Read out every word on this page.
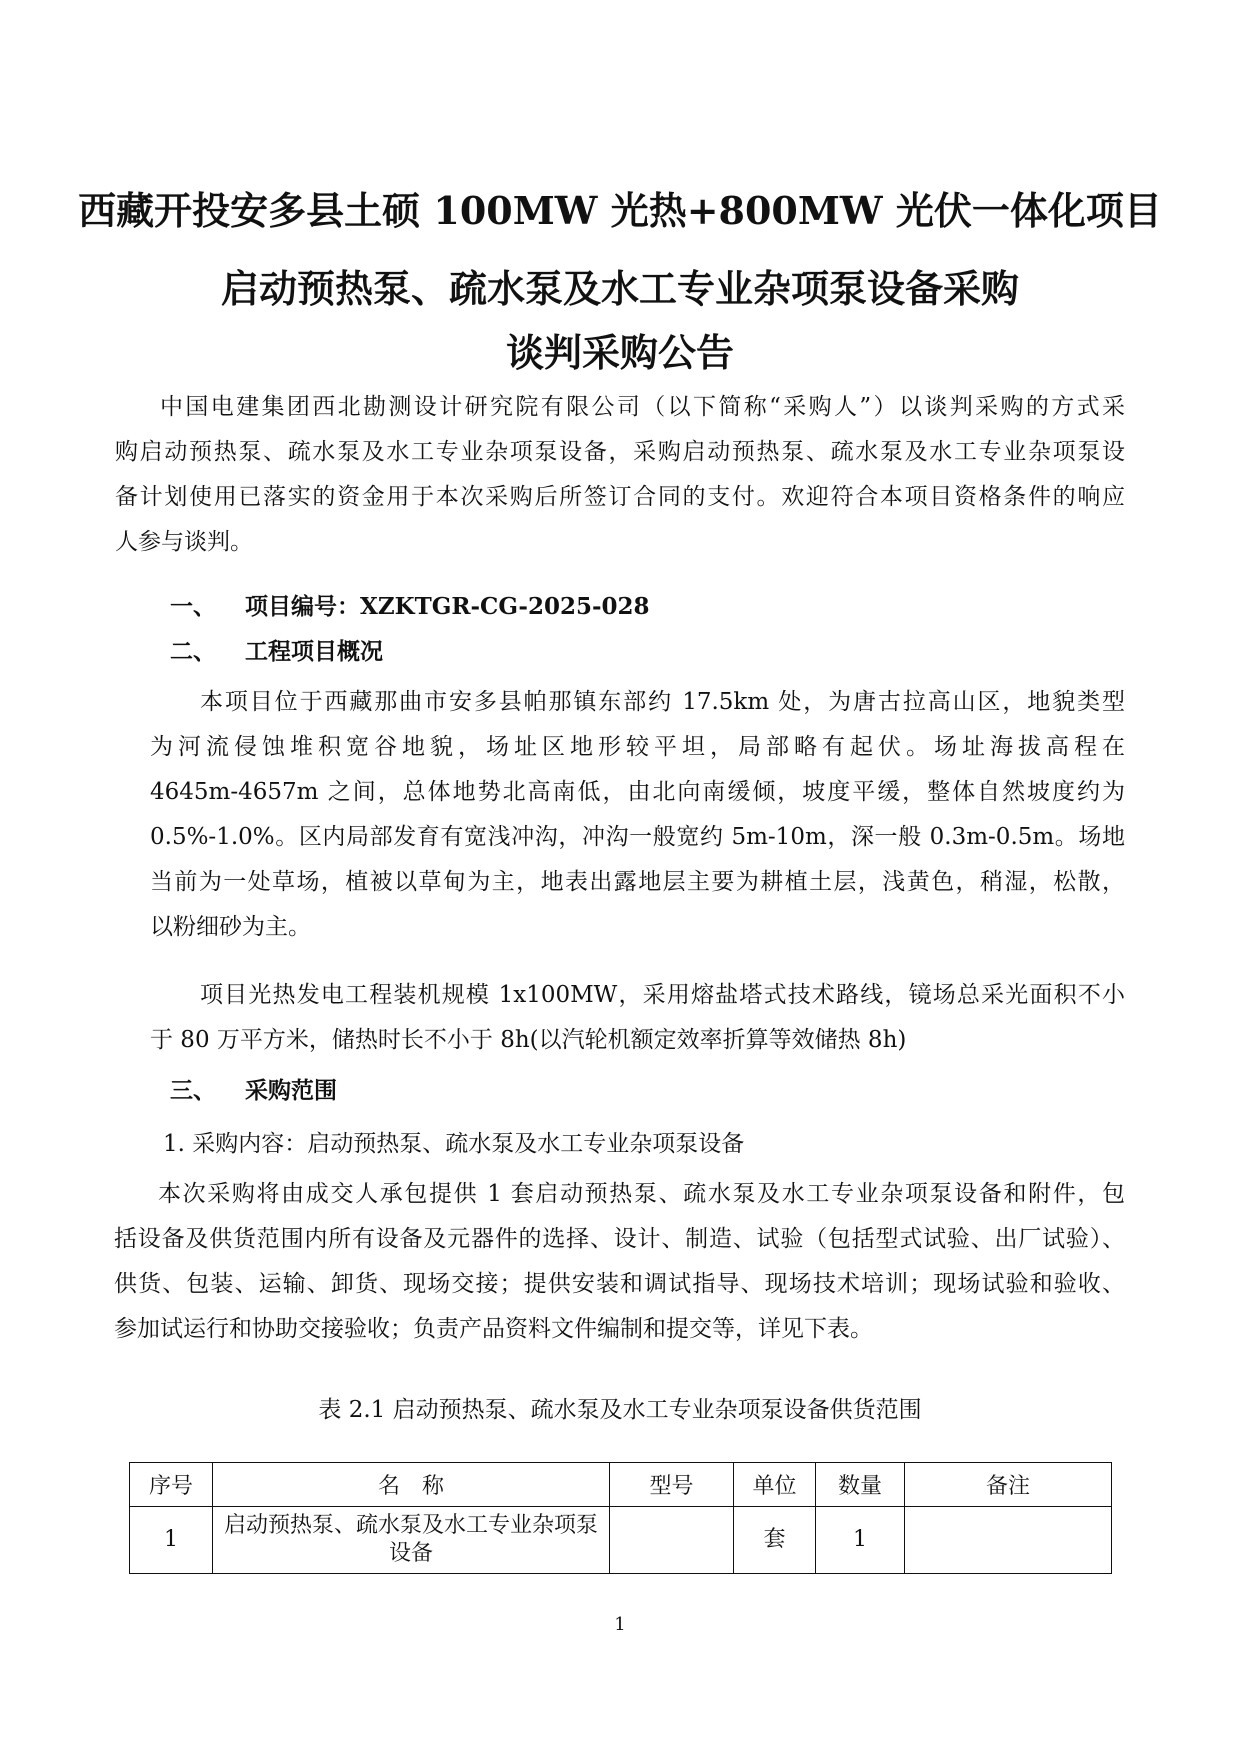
西藏开投安多县土硕 100MW 光热+800MW 光伏一体化项目
启动预热泵、疏水泵及水工专业杂项泵设备采购
谈判采购公告
中国电建集团西北勘测设计研究院有限公司（以下简称“采购人”）以谈判采购的方式采
购启动预热泵、疏水泵及水工专业杂项泵设备，采购启动预热泵、疏水泵及水工专业杂项泵设
备计划使用已落实的资金用于本次采购后所签订合同的支付。欢迎符合本项目资格条件的响应
人参与谈判。
一、 项目编号：XZKTGR-CG-2025-028
二、 工程项目概况
本项目位于西藏那曲市安多县帕那镇东部约 17.5km 处，为唐古拉高山区，地貌类型
为河流侵蚀堆积宽谷地貌，场址区地形较平坦，局部略有起伏。场址海拔高程在
4645m-4657m 之间，总体地势北高南低，由北向南缓倾，坡度平缓，整体自然坡度约为
0.5%-1.0%。区内局部发育有宽浅冲沟，冲沟一般宽约 5m-10m，深一般 0.3m-0.5m。场地
当前为一处草场，植被以草甸为主，地表出露地层主要为耕植土层，浅黄色，稍湿，松散，
以粉细砂为主。
项目光热发电工程装机规模 1x100MW，采用熔盐塔式技术路线，镜场总采光面积不小
于 80 万平方米，储热时长不小于 8h(以汽轮机额定效率折算等效储热 8h)
三、 采购范围
1. 采购内容：启动预热泵、疏水泵及水工专业杂项泵设备
本次采购将由成交人承包提供 1 套启动预热泵、疏水泵及水工专业杂项泵设备和附件，包
括设备及供货范围内所有设备及元器件的选择、设计、制造、试验（包括型式试验、出厂试验）、
供货、包装、运输、卸货、现场交接；提供安装和调试指导、现场技术培训；现场试验和验收、
参加试运行和协助交接验收；负责产品资料文件编制和提交等，详见下表。
表 2.1 启动预热泵、疏水泵及水工专业杂项泵设备供货范围
序号	名　称	型号	单位	数量	备注
1	启动预热泵、疏水泵及水工专业杂项泵
设备		套	1	
1
